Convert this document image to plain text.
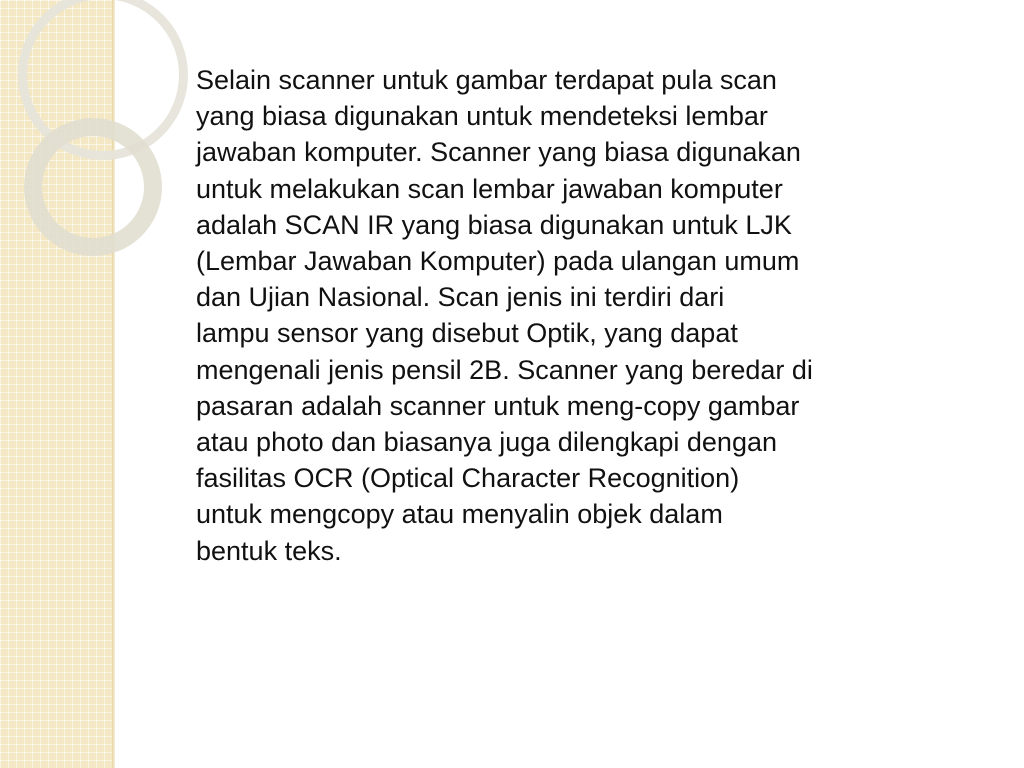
Selain scanner untuk gambar terdapat pula scan
yang biasa digunakan untuk mendeteksi lembar
jawaban komputer. Scanner yang biasa digunakan
untuk melakukan scan lembar jawaban komputer
adalah SCAN IR yang biasa digunakan untuk LJK
(Lembar Jawaban Komputer) pada ulangan umum
dan Ujian Nasional. Scan jenis ini terdiri dari
lampu sensor yang disebut Optik, yang dapat
mengenali jenis pensil 2B. Scanner yang beredar di
pasaran adalah scanner untuk meng-copy gambar
atau photo dan biasanya juga dilengkapi dengan
fasilitas OCR (Optical Character Recognition)
untuk mengcopy atau menyalin objek dalam
bentuk teks.
